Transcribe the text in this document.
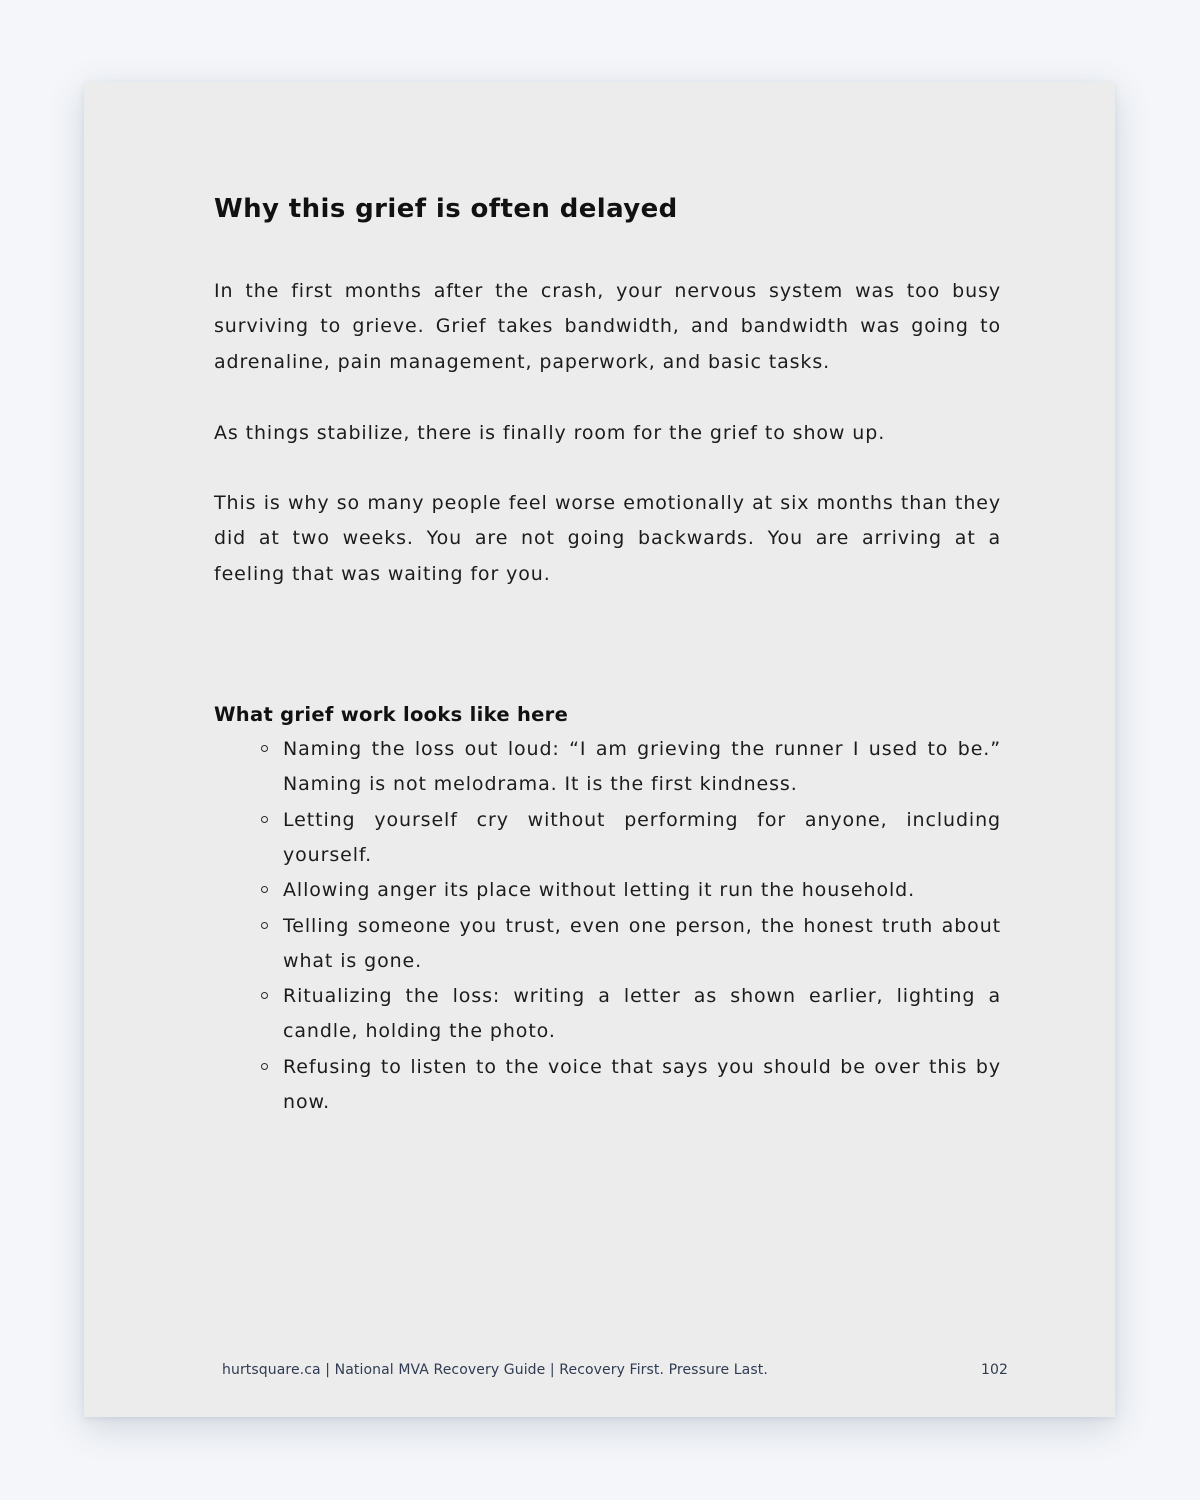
Why this grief is often delayed

In the first months after the crash, your nervous system was too busy surviving to grieve. Grief takes bandwidth, and bandwidth was going to adrenaline, pain management, paperwork, and basic tasks.

As things stabilize, there is finally room for the grief to show up.

This is why so many people feel worse emotionally at six months than they did at two weeks. You are not going backwards. You are arriving at a feeling that was waiting for you.

What grief work looks like here
Naming the loss out loud: “I am grieving the runner I used to be.” Naming is not melodrama. It is the first kindness.
Letting yourself cry without performing for anyone, including yourself.
Allowing anger its place without letting it run the household.
Telling someone you trust, even one person, the honest truth about what is gone.
Ritualizing the loss: writing a letter as shown earlier, lighting a candle, holding the photo.
Refusing to listen to the voice that says you should be over this by now.
hurtsquare.ca | National MVA Recovery Guide | Recovery First. Pressure Last.	102
